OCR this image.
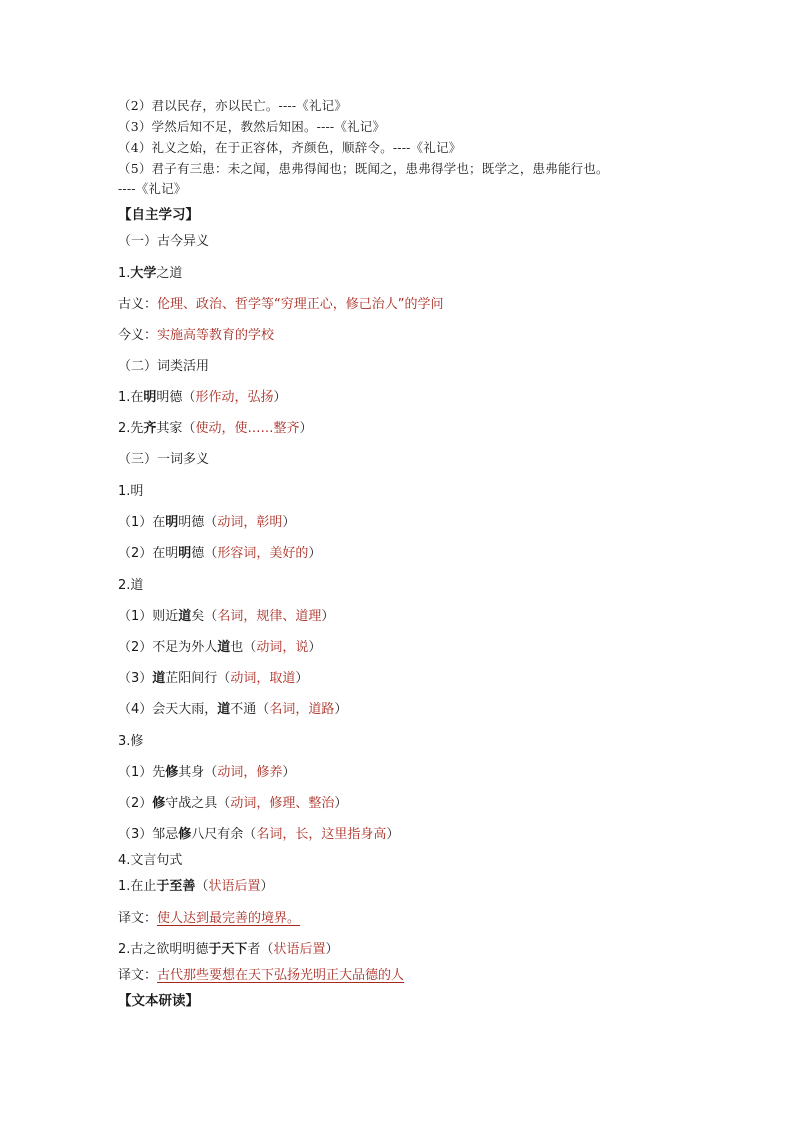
（2）君以民存，亦以民亡。----《礼记》
（3）学然后知不足，教然后知困。----《礼记》
（4）礼义之始，在于正容体，齐颜色，顺辞令。----《礼记》
（5）君子有三患：未之闻，患弗得闻也；既闻之，患弗得学也；既学之，患弗能行也。
----《礼记》
【自主学习】
（一）古今异义
1.大学之道
古义：伦理、政治、哲学等“穷理正心，修己治人”的学问
今义：实施高等教育的学校
（二）词类活用
1.在明明德（形作动，弘扬）
2.先齐其家（使动，使……整齐）
（三）一词多义
1.明
（1）在明明德（动词，彰明）
（2）在明明德（形容词，美好的）
2.道
（1）则近道矣（名词，规律、道理）
（2）不足为外人道也（动词，说）
（3）道芷阳间行（动词，取道）
（4）会天大雨，道不通（名词，道路）
3.修
（1）先修其身（动词，修养）
（2）修守战之具（动词，修理、整治）
（3）邹忌修八尺有余（名词，长，这里指身高）
4.文言句式
1.在止于至善（状语后置）
译文：使人达到最完善的境界。
2.古之欲明明德于天下者（状语后置）
译文：古代那些要想在天下弘扬光明正大品德的人
【文本研读】
